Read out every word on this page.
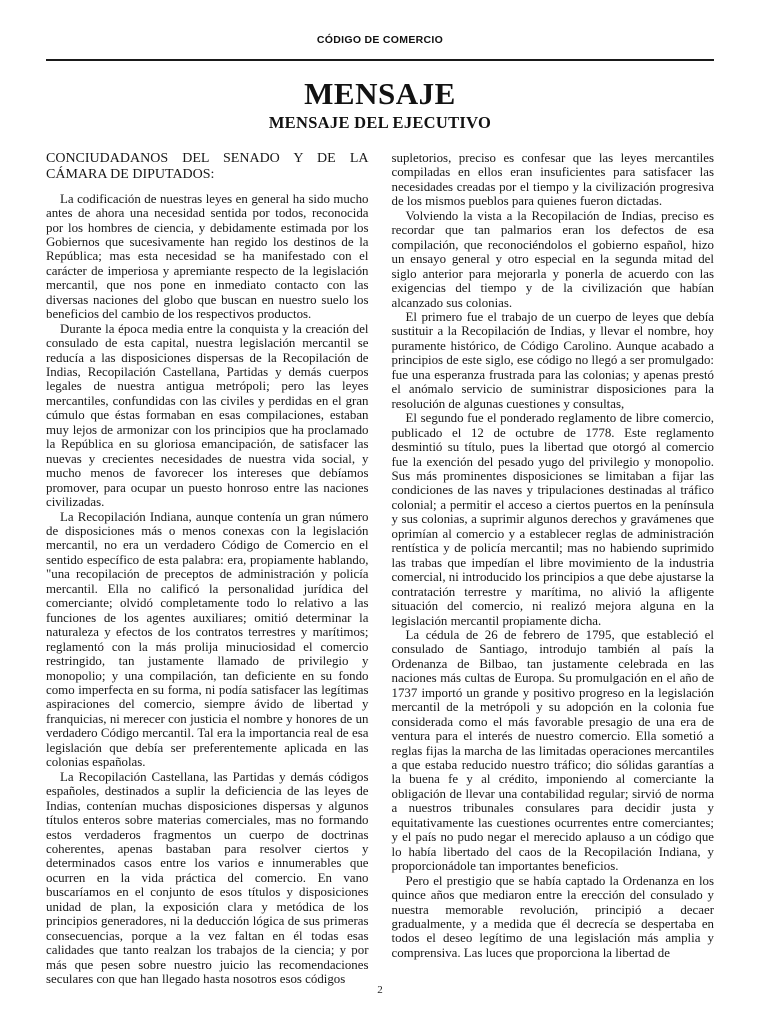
CÓDIGO DE COMERCIO
MENSAJE
MENSAJE DEL EJECUTIVO
CONCIUDADANOS DEL SENADO Y DE LA CÁMARA DE DIPUTADOS:

La codificación de nuestras leyes en general ha sido mucho antes de ahora una necesidad sentida por todos, reconocida por los hombres de ciencia, y debidamente estimada por los Gobiernos que sucesivamente han regido los destinos de la República; mas esta necesidad se ha manifestado con el carácter de imperiosa y apremiante respecto de la legislación mercantil, que nos pone en inmediato contacto con las diversas naciones del globo que buscan en nuestro suelo los beneficios del cambio de los respectivos productos.

Durante la época media entre la conquista y la creación del consulado de esta capital, nuestra legislación mercantil se reducía a las disposiciones dispersas de la Recopilación de Indias, Recopilación Castellana, Partidas y demás cuerpos legales de nuestra antigua metrópoli; pero las leyes mercantiles, confundidas con las civiles y perdidas en el gran cúmulo que éstas formaban en esas compilaciones, estaban muy lejos de armonizar con los principios que ha proclamado la República en su gloriosa emancipación, de satisfacer las nuevas y crecientes necesidades de nuestra vida social, y mucho menos de favorecer los intereses que debíamos promover, para ocupar un puesto honroso entre las naciones civilizadas.

La Recopilación Indiana, aunque contenía un gran número de disposiciones más o menos conexas con la legislación mercantil, no era un verdadero Código de Comercio en el sentido específico de esta palabra: era, propiamente hablando, "una recopilación de preceptos de administración y policía mercantil. Ella no calificó la personalidad jurídica del comerciante; olvidó completamente todo lo relativo a las funciones de los agentes auxiliares; omitió determinar la naturaleza y efectos de los contratos terrestres y marítimos; reglamentó con la más prolija minuciosidad el comercio restringido, tan justamente llamado de privilegio y monopolio; y una compilación, tan deficiente en su fondo como imperfecta en su forma, ni podía satisfacer las legítimas aspiraciones del comercio, siempre ávido de libertad y franquicias, ni merecer con justicia el nombre y honores de un verdadero Código mercantil. Tal era la importancia real de esa legislación que debía ser preferentemente aplicada en las colonias españolas.

La Recopilación Castellana, las Partidas y demás códigos españoles, destinados a suplir la deficiencia de las leyes de Indias, contenían muchas disposiciones dispersas y algunos títulos enteros sobre materias comerciales, mas no formando estos verdaderos fragmentos un cuerpo de doctrinas coherentes, apenas bastaban para resolver ciertos y determinados casos entre los varios e innumerables que ocurren en la vida práctica del comercio. En vano buscaríamos en el conjunto de esos títulos y disposiciones unidad de plan, la exposición clara y metódica de los principios generadores, ni la deducción lógica de sus primeras consecuencias, porque a la vez faltan en él todas esas calidades que tanto realzan los trabajos de la ciencia; y por más que pesen sobre nuestro juicio las recomendaciones seculares con que han llegado hasta nosotros esos códigos

supletorios, preciso es confesar que las leyes mercantiles compiladas en ellos eran insuficientes para satisfacer las necesidades creadas por el tiempo y la civilización progresiva de los mismos pueblos para quienes fueron dictadas.

Volviendo la vista a la Recopilación de Indias, preciso es recordar que tan palmarios eran los defectos de esa compilación, que reconociéndolos el gobierno español, hizo un ensayo general y otro especial en la segunda mitad del siglo anterior para mejorarla y ponerla de acuerdo con las exigencias del tiempo y de la civilización que habían alcanzado sus colonias.

El primero fue el trabajo de un cuerpo de leyes que debía sustituir a la Recopilación de Indias, y llevar el nombre, hoy puramente histórico, de Código Carolino. Aunque acabado a principios de este siglo, ese código no llegó a ser promulgado: fue una esperanza frustrada para las colonias; y apenas prestó el anómalo servicio de suministrar disposiciones para la resolución de algunas cuestiones y consultas,

El segundo fue el ponderado reglamento de libre comercio, publicado el 12 de octubre de 1778. Este reglamento desmintió su título, pues la libertad que otorgó al comercio fue la exención del pesado yugo del privilegio y monopolio. Sus más prominentes disposiciones se limitaban a fijar las condiciones de las naves y tripulaciones destinadas al tráfico colonial; a permitir el acceso a ciertos puertos en la península y sus colonias, a suprimir algunos derechos y gravámenes que oprimían al comercio y a establecer reglas de administración rentística y de policía mercantil; mas no habiendo suprimido las trabas que impedían el libre movimiento de la industria comercial, ni introducido los principios a que debe ajustarse la contratación terrestre y marítima, no alivió la afligente situación del comercio, ni realizó mejora alguna en la legislación mercantil propiamente dicha.

La cédula de 26 de febrero de 1795, que estableció el consulado de Santiago, introdujo también al país la Ordenanza de Bilbao, tan justamente celebrada en las naciones más cultas de Europa. Su promulgación en el año de 1737 importó un grande y positivo progreso en la legislación mercantil de la metrópoli y su adopción en la colonia fue considerada como el más favorable presagio de una era de ventura para el interés de nuestro comercio. Ella sometió a reglas fijas la marcha de las limitadas operaciones mercantiles a que estaba reducido nuestro tráfico; dio sólidas garantías a la buena fe y al crédito, imponiendo al comerciante la obligación de llevar una contabilidad regular; sirvió de norma a nuestros tribunales consulares para decidir justa y equitativamente las cuestiones ocurrentes entre comerciantes; y el país no pudo negar el merecido aplauso a un código que lo había libertado del caos de la Recopilación Indiana, y proporcionádole tan importantes beneficios.

Pero el prestigio que se había captado la Ordenanza en los quince años que mediaron entre la erección del consulado y nuestra memorable revolución, principió a decaer gradualmente, y a medida que él decrecía se despertaba en todos el deseo legítimo de una legislación más amplia y comprensiva. Las luces que proporciona la libertad de

2
